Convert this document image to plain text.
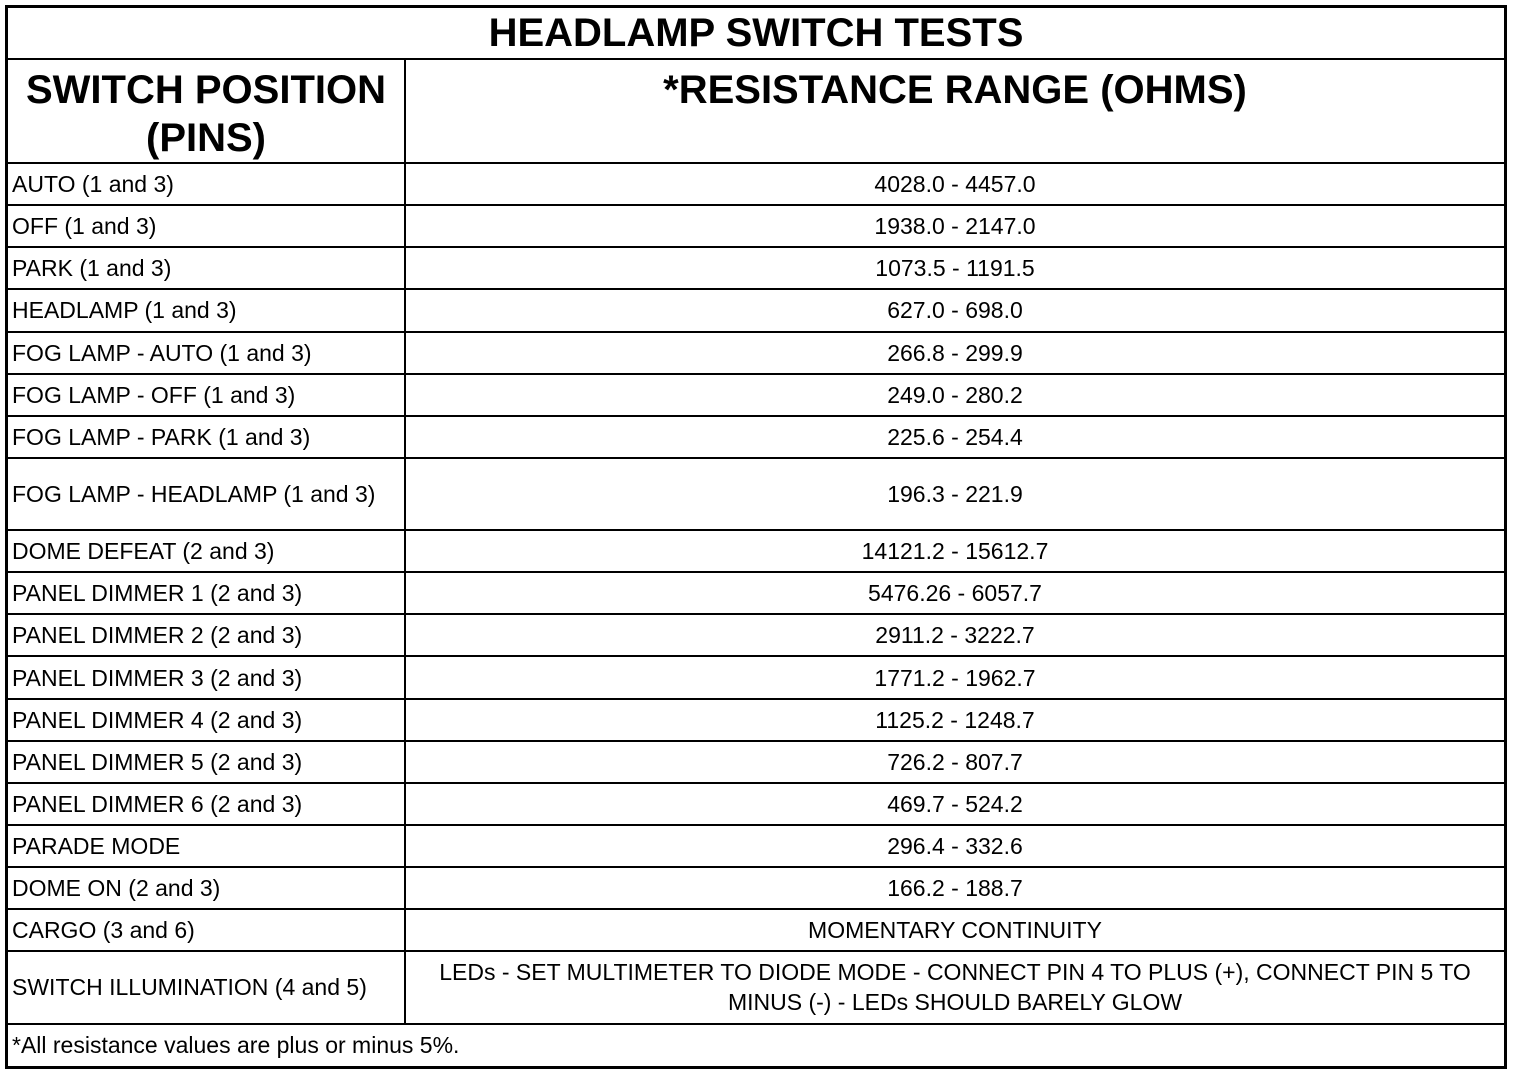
HEADLAMP SWITCH TESTS	
SWITCH POSITION (PINS)	*RESISTANCE RANGE (OHMS)
AUTO (1 and 3)	4028.0 - 4457.0
OFF (1 and 3)	1938.0 - 2147.0
PARK (1 and 3)	1073.5 - 1191.5
HEADLAMP (1 and 3)	627.0 - 698.0
FOG LAMP - AUTO (1 and 3)	266.8 - 299.9
FOG LAMP - OFF (1 and 3)	249.0 - 280.2
FOG LAMP - PARK (1 and 3)	225.6 - 254.4
FOG LAMP - HEADLAMP (1 and 3)	196.3 - 221.9
DOME DEFEAT (2 and 3)	14121.2 - 15612.7
PANEL DIMMER 1 (2 and 3)	5476.26 - 6057.7
PANEL DIMMER 2 (2 and 3)	2911.2 - 3222.7
PANEL DIMMER 3 (2 and 3)	1771.2 - 1962.7
PANEL DIMMER 4 (2 and 3)	1125.2 - 1248.7
PANEL DIMMER 5 (2 and 3)	726.2 - 807.7
PANEL DIMMER 6 (2 and 3)	469.7 - 524.2
PARADE MODE	296.4 - 332.6
DOME ON (2 and 3)	166.2 - 188.7
CARGO (3 and 6)	MOMENTARY CONTINUITY
SWITCH ILLUMINATION (4 and 5)	LEDs - SET MULTIMETER TO DIODE MODE - CONNECT PIN 4 TO PLUS (+), CONNECT PIN 5 TO MINUS (-) - LEDs SHOULD BARELY GLOW
*All resistance values are plus or minus 5%.	
